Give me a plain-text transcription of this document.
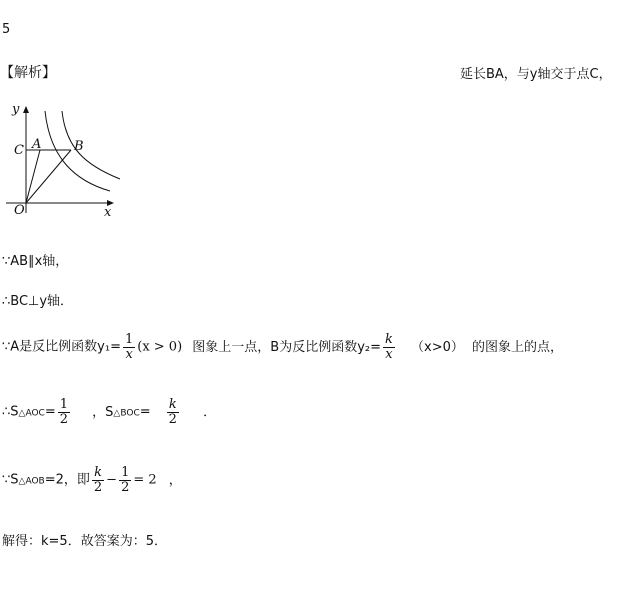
5
【解析】	延长BA，与y轴交于点C，
y
x
O
C A	B
∵AB∥x轴，
∴BC⊥y轴．
∵A是反比例函数$y_1= \frac{1}{x} (x > 0)$ 图象上一点，B为反比例函数$y_2= \frac{k}{x} (x>0)$ 的图象上的点，
∴S△AOC= $\frac{1}{2}$ ，S△BOC= $\frac{k}{2}$ ．
∵S△AOB=2，即 $\frac{k}{2} - \frac{1}{2} = 2$ ，
解得：k=5．故答案为：5．
